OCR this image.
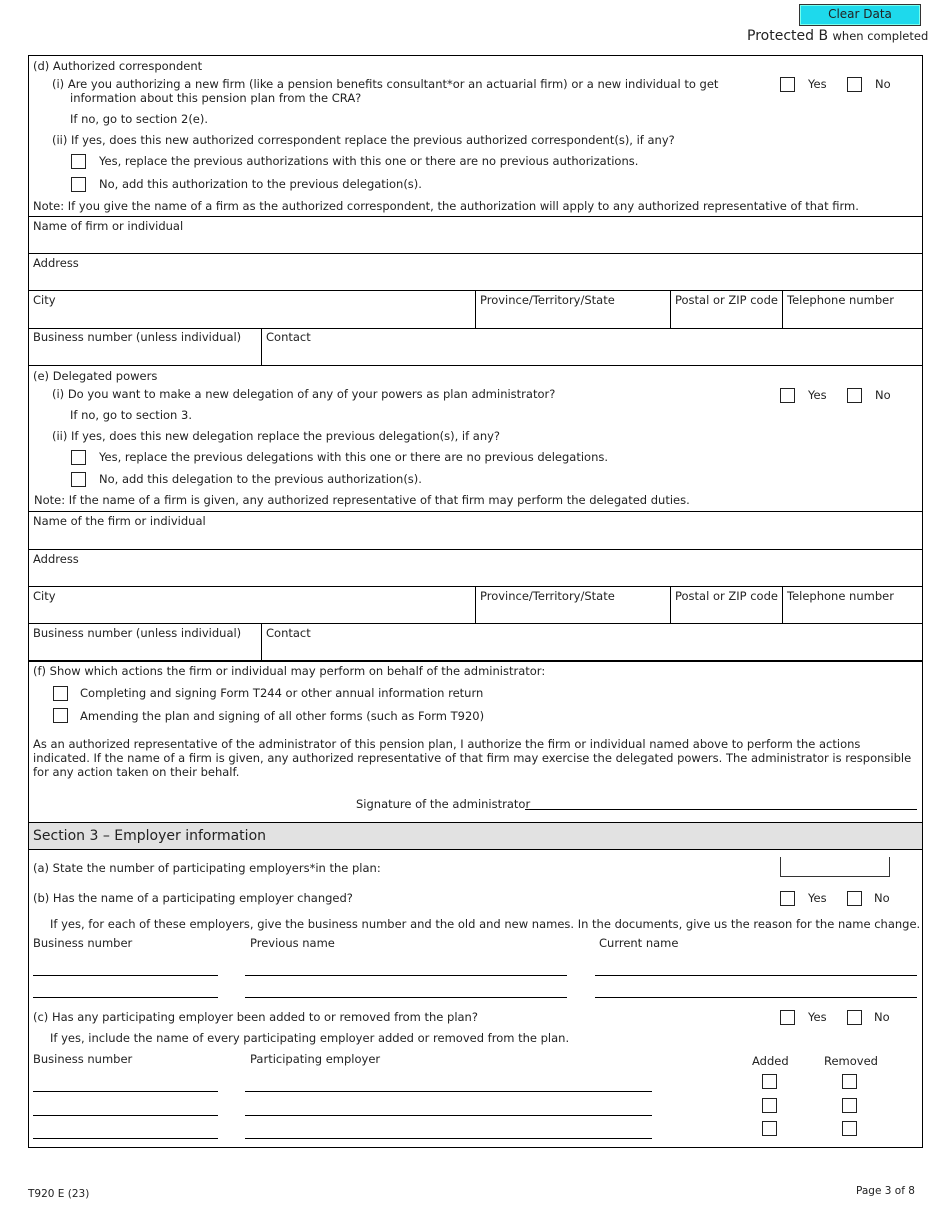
Clear Data
Protected B when completed
(d) Authorized correspondent
(i) Are you authorizing a new firm (like a pension benefits consultant*or an actuarial firm) or a new individual to get
information about this pension plan from the CRA?
Yes	No
If no, go to section 2(e).
(ii) If yes, does this new authorized correspondent replace the previous authorized correspondent(s), if any?
Yes, replace the previous authorizations with this one or there are no previous authorizations.
No, add this authorization to the previous delegation(s).
Note: If you give the name of a firm as the authorized correspondent, the authorization will apply to any authorized representative of that firm.
Name of firm or individual
Address
City	Province/Territory/State	Postal or ZIP code Telephone number
Business number (unless individual) Contact
(e) Delegated powers
(i) Do you want to make a new delegation of any of your powers as plan administrator?	Yes	No
If no, go to section 3.
(ii) If yes, does this new delegation replace the previous delegation(s), if any?
Yes, replace the previous delegations with this one or there are no previous delegations.
No, add this delegation to the previous authorization(s).
Note: If the name of a firm is given, any authorized representative of that firm may perform the delegated duties.
Name of the firm or individual
Address
City	Province/Territory/State	Postal or ZIP code Telephone number
Business number (unless individual) Contact
(f) Show which actions the firm or individual may perform on behalf of the administrator:
Completing and signing Form T244 or other annual information return
Amending the plan and signing of all other forms (such as Form T920)
As an authorized representative of the administrator of this pension plan, I authorize the firm or individual named above to perform the actions indicated. If the name of a firm is given, any authorized representative of that firm may exercise the delegated powers. The administrator is responsible for any action taken on their behalf.
Signature of the administrator
Section 3 – Employer information
(a) State the number of participating employers*in the plan:
(b) Has the name of a participating employer changed?	Yes	No
If yes, for each of these employers, give the business number and the old and new names. In the documents, give us the reason for the name change.
Business number	Previous name	Current name
(c) Has any participating employer been added to or removed from the plan?	Yes	No
If yes, include the name of every participating employer added or removed from the plan.
Business number	Participating employer	Added	Removed
T920 E (23)	Page 3 of 8
